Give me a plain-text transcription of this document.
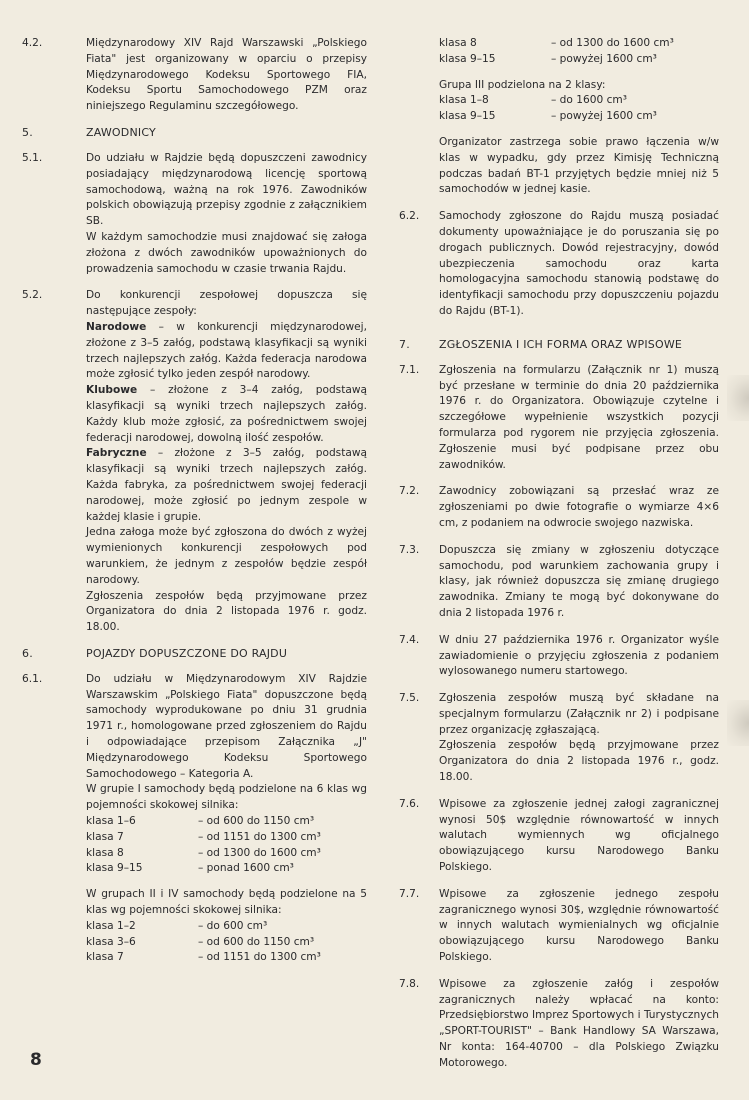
4.2.	Międzynarodowy XIV Rajd Warszawski „Polskiego Fiata" jest organizowany w oparciu o przepisy Międzynarodowego Kodeksu Sportowego FIA, Kodeksu Sportu Samochodowego PZM oraz niniejszego Regulaminu szczegółowego.

5.	ZAWODNICY
5.1.	Do udziału w Rajdzie będą dopuszczeni zawodnicy posiadający międzynarodową licencję sportową samochodową, ważną na rok 1976. Zawodników polskich obowiązują przepisy zgodnie z załącznikiem SB.

W każdym samochodzie musi znajdować się załoga złożona z dwóch zawodników upoważnionych do prowadzenia samochodu w czasie trwania Rajdu.

5.2.	Do konkurencji zespołowej dopuszcza się następujące zespoły:

Narodowe – w konkurencji międzynarodowej, złożone z 3–5 załóg, podstawą klasyfikacji są wyniki trzech najlepszych załóg. Każda federacja narodowa może zgłosić tylko jeden zespół narodowy.

Klubowe – złożone z 3–4 załóg, podstawą klasyfikacji są wyniki trzech najlepszych załóg. Każdy klub może zgłosić, za pośrednictwem swojej federacji narodowej, dowolną ilość zespołów.

Fabryczne – złożone z 3–5 załóg, podstawą klasyfikacji są wyniki trzech najlepszych załóg. Każda fabryka, za pośrednictwem swojej federacji narodowej, może zgłosić po jednym zespole w każdej klasie i grupie.

Jedna załoga może być zgłoszona do dwóch z wyżej wymienionych konkurencji zespołowych pod warunkiem, że jednym z zespołów będzie zespół narodowy.

Zgłoszenia zespołów będą przyjmowane przez Organizatora do dnia 2 listopada 1976 r. godz. 18.00.

6.	POJAZDY DOPUSZCZONE DO RAJDU
6.1.	Do udziału w Międzynarodowym XIV Rajdzie Warszawskim „Polskiego Fiata" dopuszczone będą samochody wyprodukowane po dniu 31 grudnia 1971 r., homologowane przed zgłoszeniem do Rajdu i odpowiadające przepisom Załącznika „J" Międzynarodowego Kodeksu Sportowego Samochodowego – Kategoria A.

W grupie I samochody będą podzielone na 6 klas wg pojemności skokowej silnika:

klasa 1–6	– od 600 do 1150 cm³
klasa 7	– od 1151 do 1300 cm³
klasa 8	– od 1300 do 1600 cm³
klasa 9–15	– ponad 1600 cm³

W grupach II i IV samochody będą podzielone na 5 klas wg pojemności skokowej silnika:

klasa 1–2	– do 600 cm³
klasa 3–6	– od 600 do 1150 cm³
klasa 7	– od 1151 do 1300 cm³
klasa 8	– od 1300 do 1600 cm³
klasa 9–15	– powyżej 1600 cm³

Grupa III podzielona na 2 klasy:

klasa 1–8	– do 1600 cm³
klasa 9–15	– powyżej 1600 cm³

Organizator zastrzega sobie prawo łączenia w/w klas w wypadku, gdy przez Kimisję Techniczną podczas badań BT-1 przyjętych będzie mniej niż 5 samochodów w jednej kasie.

6.2.	Samochody zgłoszone do Rajdu muszą posiadać dokumenty upoważniające je do poruszania się po drogach publicznych. Dowód rejestracyjny, dowód ubezpieczenia samochodu oraz karta homologacyjna samochodu stanowią podstawę do identyfikacji samochodu przy dopuszczeniu pojazdu do Rajdu (BT-1).

7.	ZGŁOSZENIA I ICH FORMA ORAZ WPISOWE
7.1.	Zgłoszenia na formularzu (Załącznik nr 1) muszą być przesłane w terminie do dnia 20 października 1976 r. do Organizatora. Obowiązuje czytelne i szczegółowe wypełnienie wszystkich pozycji formularza pod rygorem nie przyjęcia zgłoszenia. Zgłoszenie musi być podpisane przez obu zawodników.

7.2.	Zawodnicy zobowiązani są przesłać wraz ze zgłoszeniami po dwie fotografie o wymiarze 4×6 cm, z podaniem na odwrocie swojego nazwiska.

7.3.	Dopuszcza się zmiany w zgłoszeniu dotyczące samochodu, pod warunkiem zachowania grupy i klasy, jak również dopuszcza się zmianę drugiego zawodnika. Zmiany te mogą być dokonywane do dnia 2 listopada 1976 r.

7.4.	W dniu 27 października 1976 r. Organizator wyśle zawiadomienie o przyjęciu zgłoszenia z podaniem wylosowanego numeru startowego.

7.5.	Zgłoszenia zespołów muszą być składane na specjalnym formularzu (Załącznik nr 2) i podpisane przez organizację zgłaszającą.

Zgłoszenia zespołów będą przyjmowane przez Organizatora do dnia 2 listopada 1976 r., godz. 18.00.

7.6.	Wpisowe za zgłoszenie jednej załogi zagranicznej wynosi 50$ względnie równowartość w innych walutach wymiennych wg oficjalnego obowiązującego kursu Narodowego Banku Polskiego.

7.7.	Wpisowe za zgłoszenie jednego zespołu zagranicznego wynosi 30$, względnie równowartość w innych walutach wymienialnych wg oficjalnie obowiązującego kursu Narodowego Banku Polskiego.

7.8.	Wpisowe za zgłoszenie załóg i zespołów zagranicznych należy wpłacać na konto: Przedsiębiorstwo Imprez Sportowych i Turystycznych „SPORT-TOURIST" – Bank Handlowy SA Warszawa, Nr konta: 164-40700 – dla Polskiego Związku Motorowego.

8
